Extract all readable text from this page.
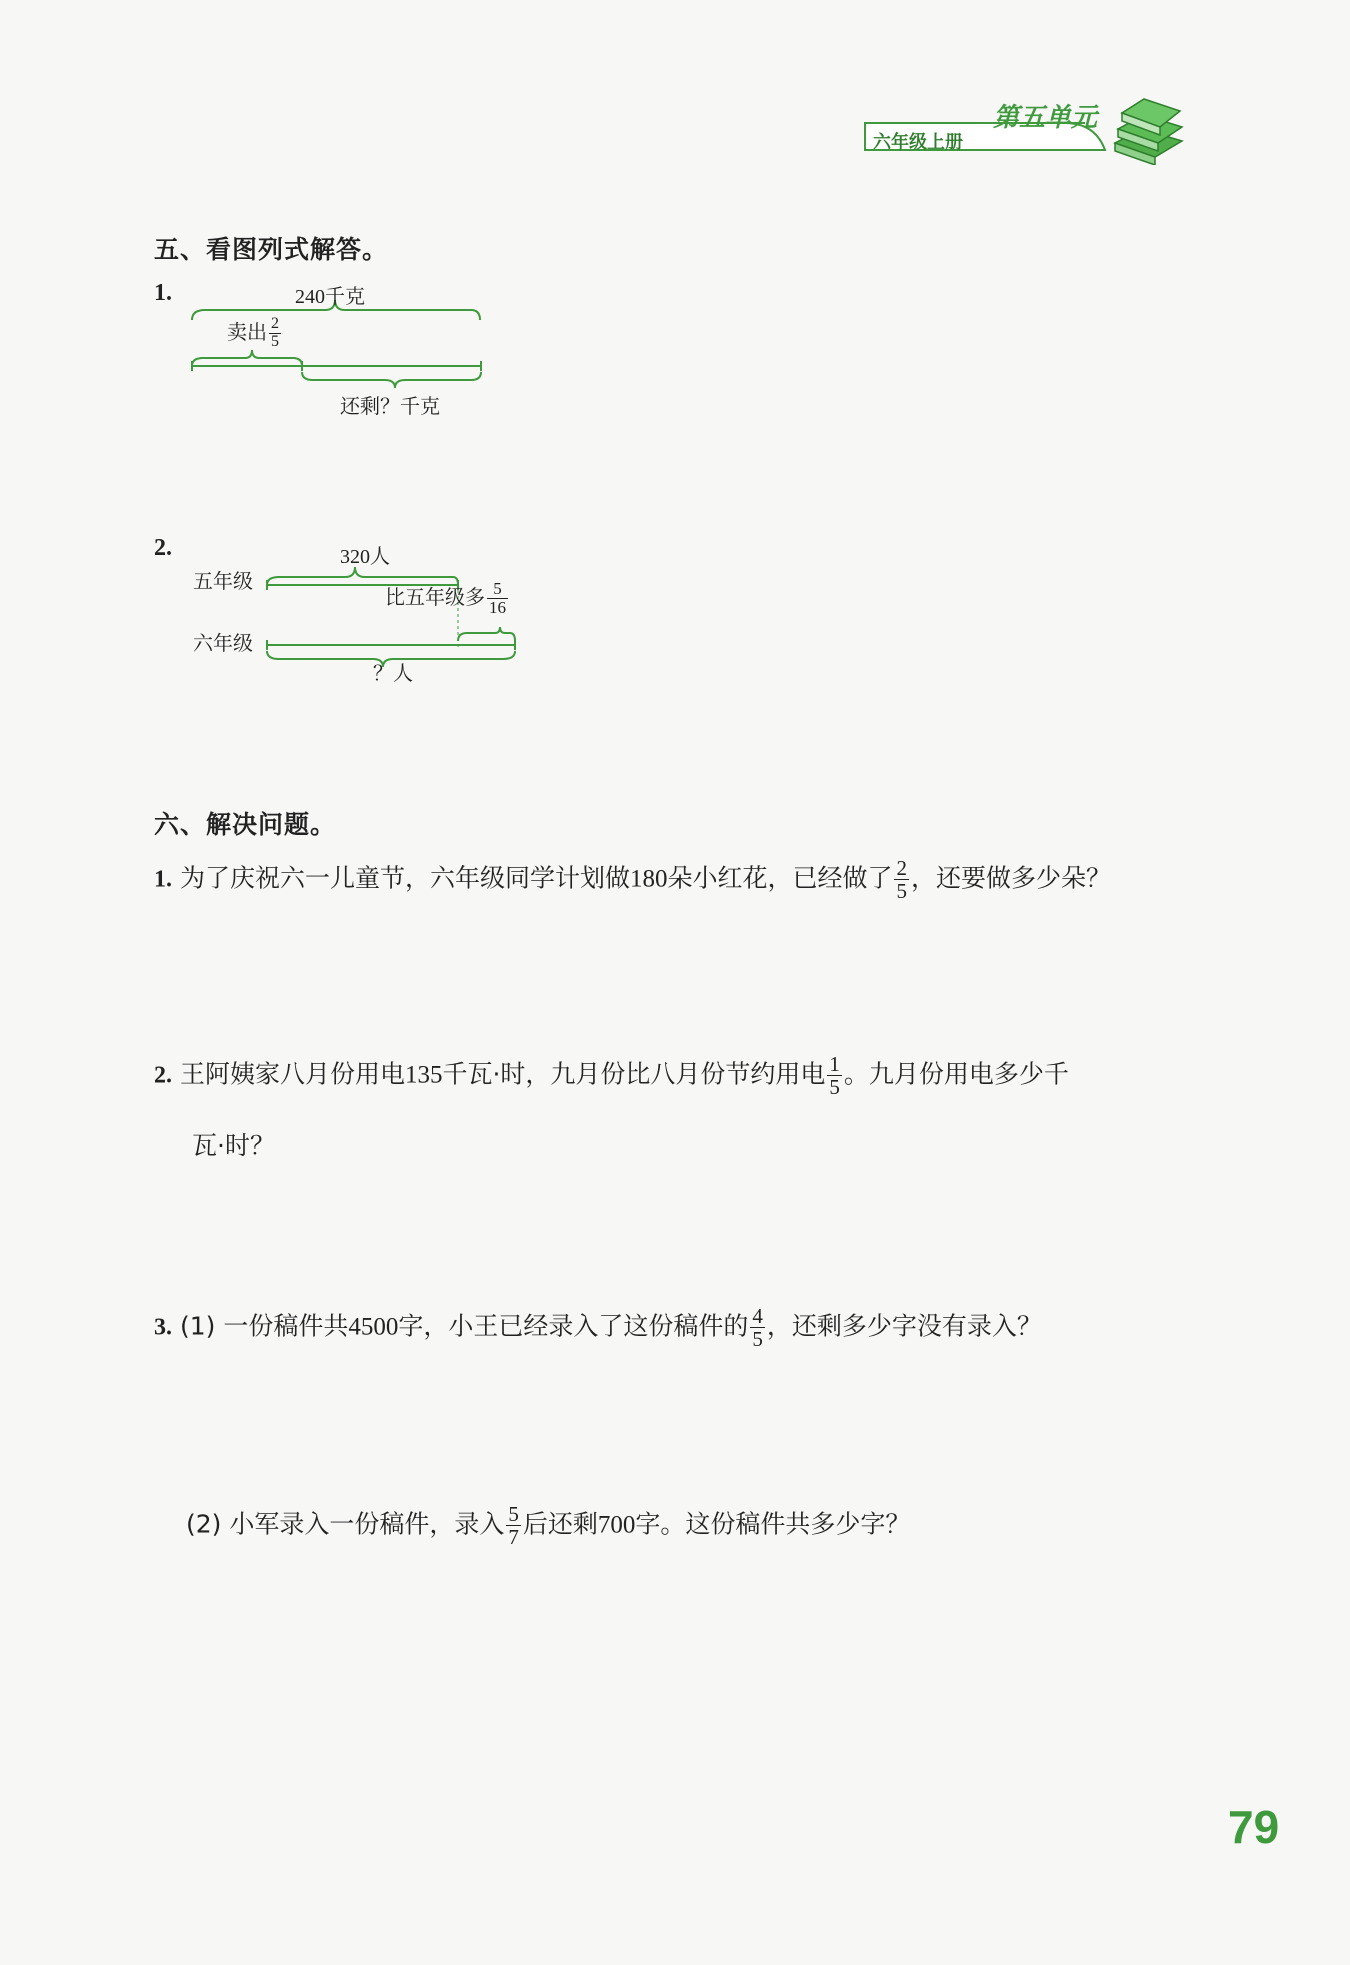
六年级上册
第五单元
五、看图列式解答。
1.	240千克
卖出 $\frac{2}{5}$
还剩？千克
2.
五年级
320人
比五年级多 $\frac{5}{16}$
六年级
？人
六、解决问题。
1. 为了庆祝六一儿童节，六年级同学计划做180朵小红花，已经做了 $\frac{2}{5}$ ，还要做多少朵？
2. 王阿姨家八月份用电135千瓦·时，九月份比八月份节约用电 $\frac{1}{5}$ 。九月份用电多少千
瓦·时？
3. (1) 一份稿件共4500字，小王已经录入了这份稿件的 $\frac{4}{5}$ ，还剩多少字没有录入？
(2) 小军录入一份稿件，录入 $\frac{5}{7}$ 后还剩700字。这份稿件共多少字？
79
